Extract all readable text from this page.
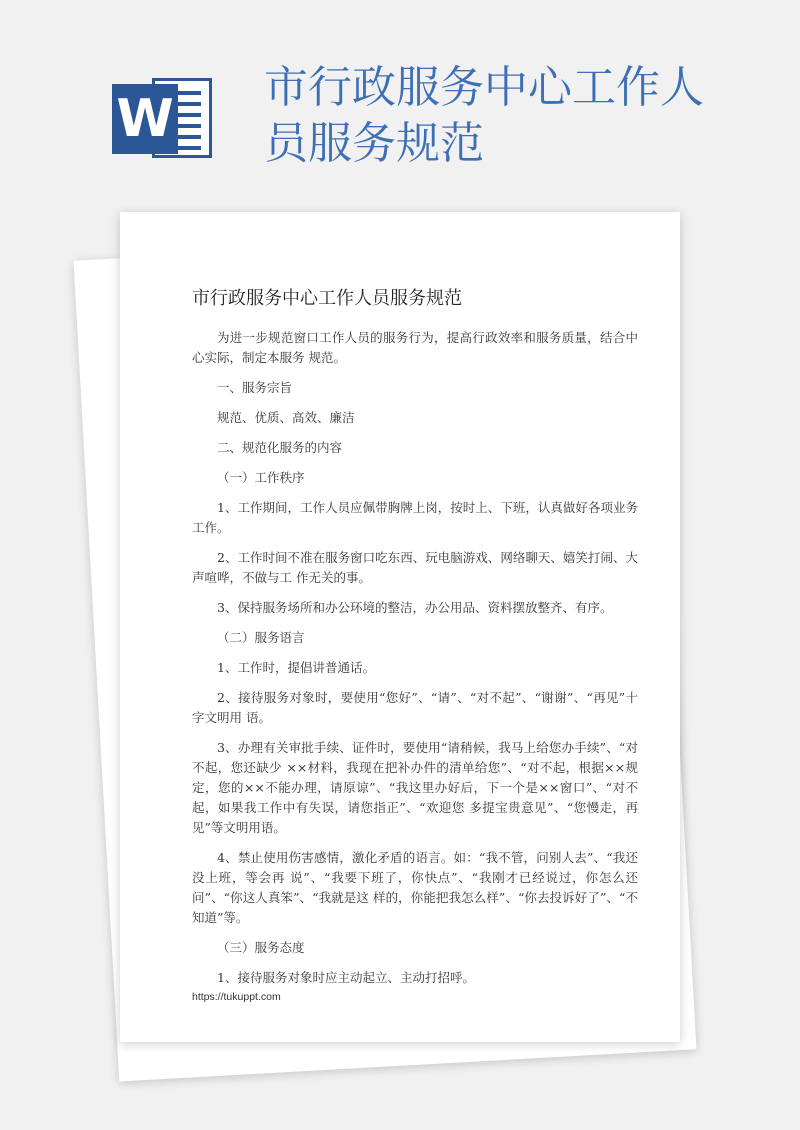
W
市行政服务中心工作人员服务规范
市行政服务中心工作人员服务规范

为进一步规范窗口工作人员的服务行为，提高行政效率和服务质量，结合中心实际，制定本服务 规范。

一、服务宗旨

规范、优质、高效、廉洁

二、规范化服务的内容

（一）工作秩序

1、工作期间，工作人员应佩带胸牌上岗，按时上、下班，认真做好各项业务工作。

2、工作时间不准在服务窗口吃东西、玩电脑游戏、网络聊天、嬉笑打闹、大声喧哗，不做与工 作无关的事。

3、保持服务场所和办公环境的整洁，办公用品、资料摆放整齐、有序。

（二）服务语言

1、工作时，提倡讲普通话。

2、接待服务对象时，要使用“您好”、“请”、“对不起”、“谢谢”、“再见”十字文明用 语。

3、办理有关审批手续、证件时，要使用“请稍候，我马上给您办手续”、“对不起，您还缺少 ××材料，我现在把补办件的清单给您”、“对不起，根据××规定，您的××不能办理，请原谅”、“我这里办好后，下一个是××窗口”、“对不起，如果我工作中有失误，请您指正”、“欢迎您 多提宝贵意见”、“您慢走，再见”等文明用语。

4、禁止使用伤害感情，激化矛盾的语言。如：“我不管，问别人去”、“我还没上班，等会再 说”、“我要下班了，你快点”、“我刚才已经说过，你怎么还问”、“你这人真笨”、“我就是这 样的，你能把我怎么样”、“你去投诉好了”、“不知道”等。

（三）服务态度

1、接待服务对象时应主动起立、主动打招呼。

https://tukuppt.com
